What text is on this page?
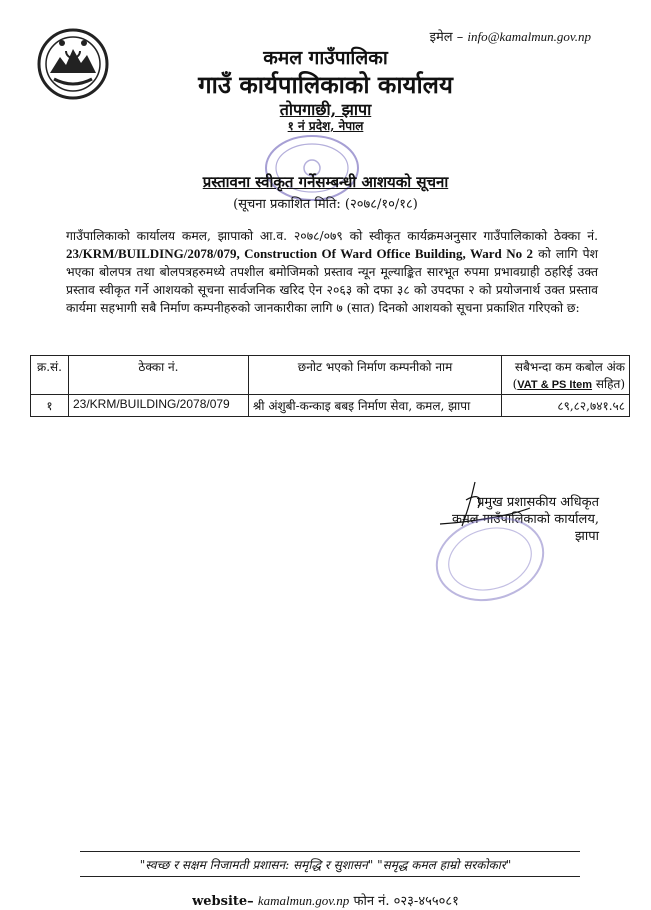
इमेल – info@kamalmun.gov.np
कमल गाउँपालिका
गाउँ कार्यपालिकाको कार्यालय
तोपगाछी, झापा
१ नं प्रदेश, नेपाल
प्रस्तावना स्वीकृत गर्नेसम्बन्धी आशयको सूचना
(सूचना प्रकाशित मिति: (२०७८/१०/१८)
गाउँपालिकाको कार्यालय कमल, झापाको आ.व. २०७८/०७९ को स्वीकृत कार्यक्रमअनुसार गाउँपालिकाको ठेक्का नं. 23/KRM/BUILDING/2078/079, Construction Of Ward Office Building, Ward No 2 को लागि पेश भएका बोलपत्र तथा बोलपत्रहरुमध्ये तपशील बमोजिमको प्रस्ताव न्यून मूल्याङ्कित सारभूत रुपमा प्रभावग्राही ठहरिई उक्त प्रस्ताव स्वीकृत गर्ने आशयको सूचना सार्वजनिक खरिद ऐन २०६३ को दफा ३८ को उपदफा २ को प्रयोजनार्थ उक्त प्रस्ताव कार्यमा सहभागी सबै निर्माण कम्पनीहरुको जानकारीका लागि ७ (सात) दिनको आशयको सूचना प्रकाशित गरिएको छ:
क्र.सं.	ठेक्का नं.	छनोट भएको निर्माण कम्पनीको नाम	सबैभन्दा कम कबोल अंक
(VAT & PS Item सहित)
१	23/KRM/BUILDING/2078/079	श्री अंशुबी-कन्काइ बबइ निर्माण सेवा, कमल, झापा	८९,८२,७४१.५८
प्रमुख प्रशासकीय अधिकृत
कमल गाउँपालिकाको कार्यालय,
झापा
"स्वच्छ र सक्षम निजामती प्रशासन: समृद्धि र सुशासन" "समृद्ध कमल हाम्रो सरकोकार"
website– kamalmun.gov.np फोन नं. ०२३-४५५०८१
